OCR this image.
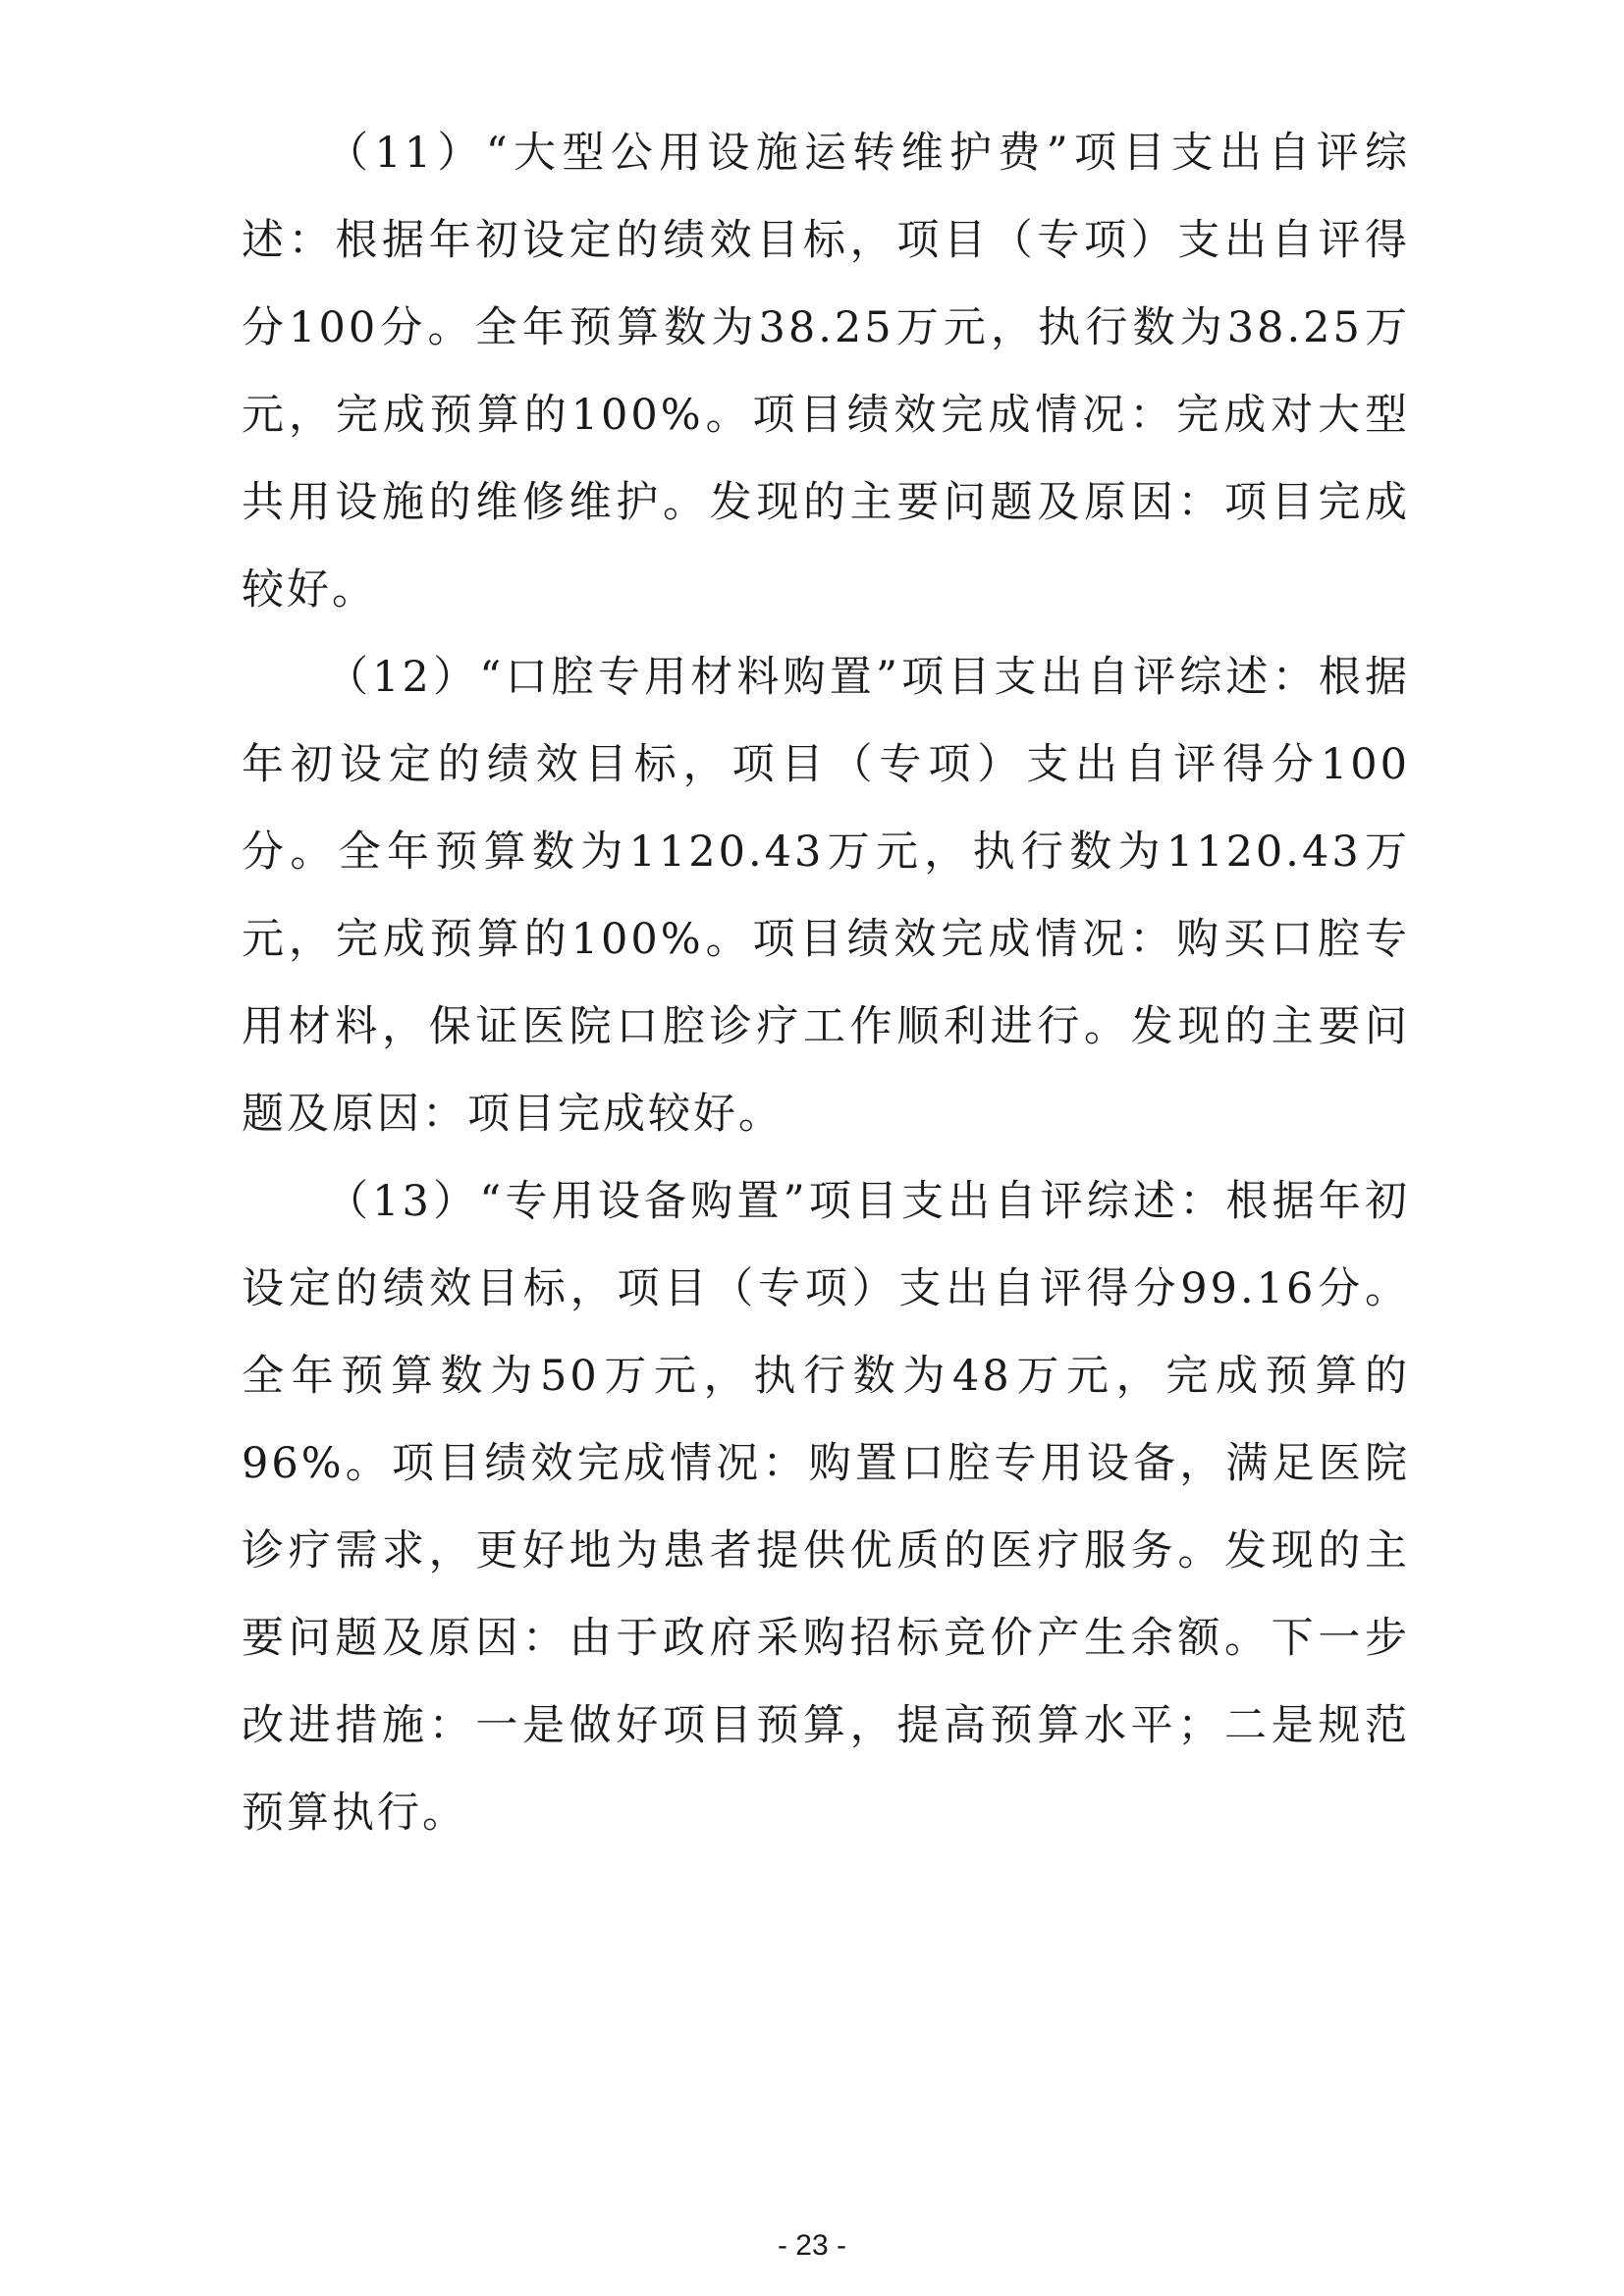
（11）“大型公用设施运转维护费”项目支出自评综述：根据年初设定的绩效目标，项目（专项）支出自评得分100分。全年预算数为38.25万元，执行数为38.25万元，完成预算的100%。项目绩效完成情况：完成对大型共用设施的维修维护。发现的主要问题及原因：项目完成较好。

（12）“口腔专用材料购置”项目支出自评综述：根据年初设定的绩效目标，项目（专项）支出自评得分100分。全年预算数为1120.43万元，执行数为1120.43万元，完成预算的100%。项目绩效完成情况：购买口腔专用材料，保证医院口腔诊疗工作顺利进行。发现的主要问题及原因：项目完成较好。

（13）“专用设备购置”项目支出自评综述：根据年初设定的绩效目标，项目（专项）支出自评得分99.16分。全年预算数为50万元，执行数为48万元，完成预算的96%。项目绩效完成情况：购置口腔专用设备，满足医院诊疗需求，更好地为患者提供优质的医疗服务。发现的主要问题及原因：由于政府采购招标竞价产生余额。下一步改进措施：一是做好项目预算，提高预算水平；二是规范预算执行。

- 23 -
